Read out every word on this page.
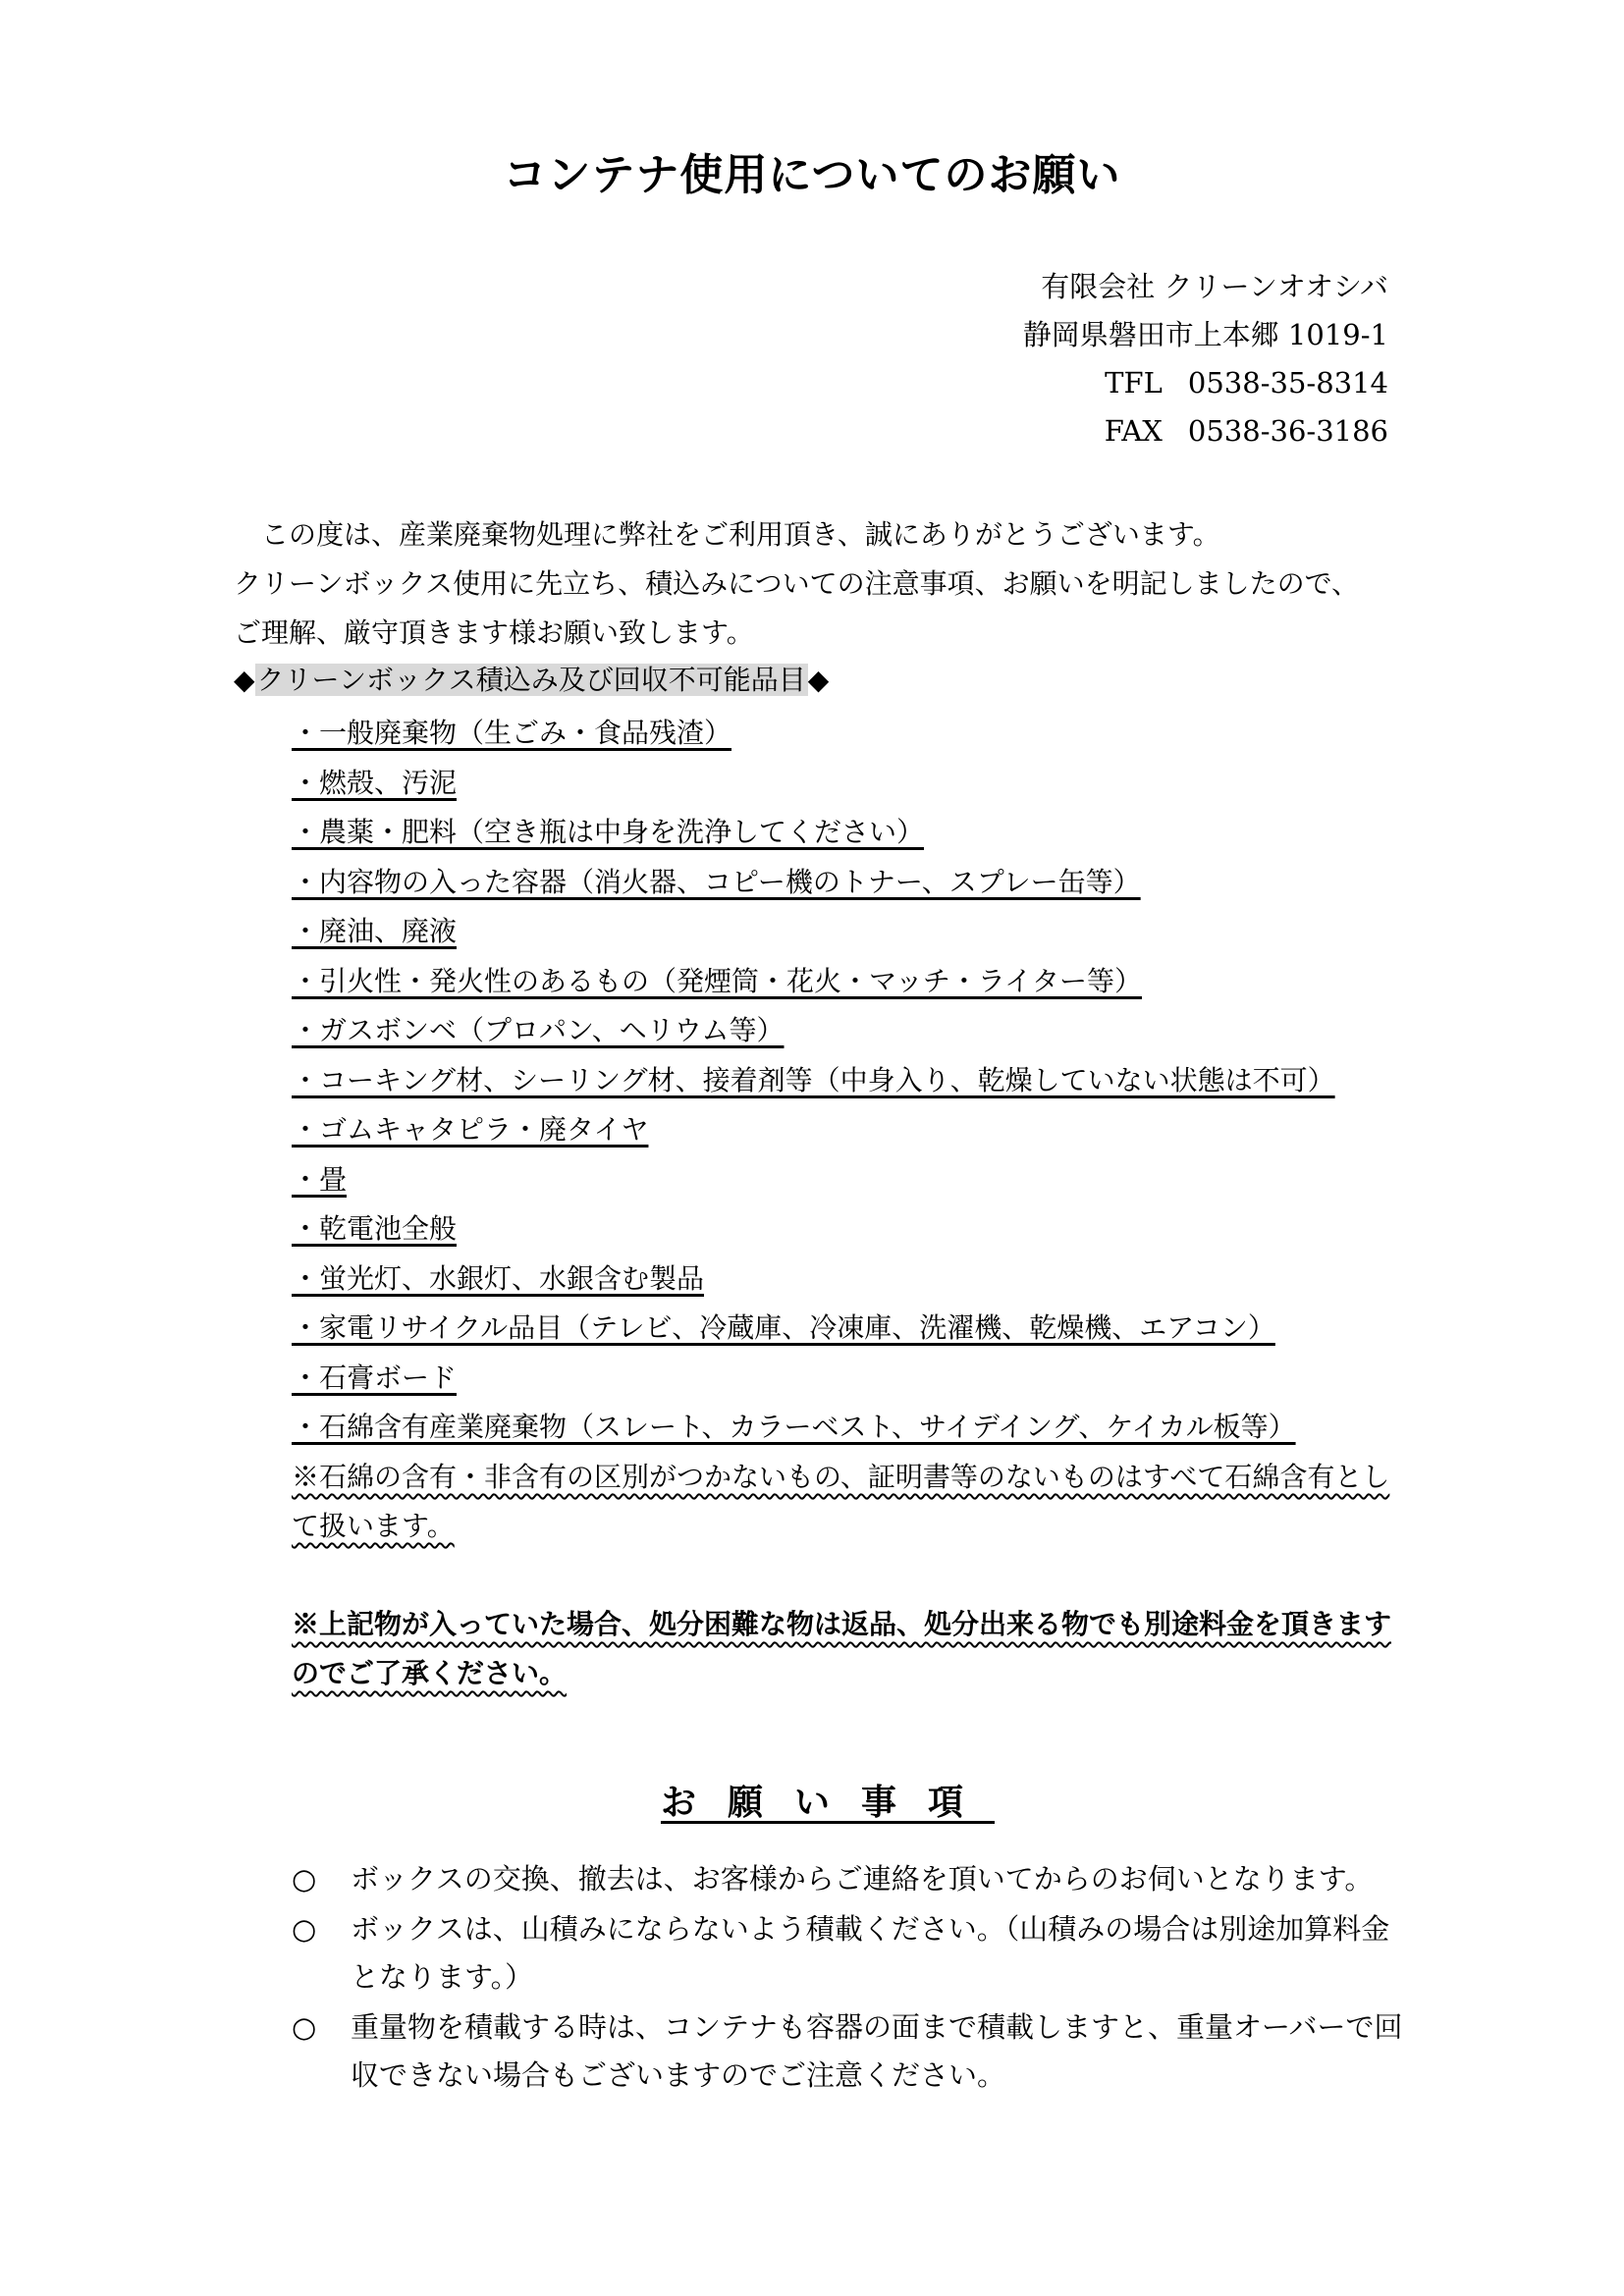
コンテナ使用についてのお願い
有限会社 クリーンオオシバ
静岡県磐田市上本郷 1019-1
TFL 0538-35-8314
FAX 0538-36-3186

　この度は、産業廃棄物処理に弊社をご利用頂き、誠にありがとうございます。

クリーンボックス使用に先立ち、積込みについての注意事項、お願いを明記しましたので、

ご理解、厳守頂きます様お願い致します。

◆クリーンボックス積込み及び回収不可能品目◆
・一般廃棄物（生ごみ・食品残渣）
・燃殻、汚泥
・農薬・肥料（空き瓶は中身を洗浄してください）
・内容物の入った容器（消火器、コピー機のトナー、スプレー缶等）
・廃油、廃液
・引火性・発火性のあるもの（発煙筒・花火・マッチ・ライター等）
・ガスボンベ（プロパン、ヘリウム等）
・コーキング材、シーリング材、接着剤等（中身入り、乾燥していない状態は不可）
・ゴムキャタピラ・廃タイヤ
・畳
・乾電池全般
・蛍光灯、水銀灯、水銀含む製品
・家電リサイクル品目（テレビ、冷蔵庫、冷凍庫、洗濯機、乾燥機、エアコン）
・石膏ボード
・石綿含有産業廃棄物（スレート、カラーベスト、サイデイング、ケイカル板等）
※石綿の含有・非含有の区別がつかないもの、証明書等のないものはすべて石綿含有として扱います。
※上記物が入っていた場合、処分困難な物は返品、処分出来る物でも別途料金を頂きますのでご了承ください。
お願い事項
○ ボックスの交換、撤去は、お客様からご連絡を頂いてからのお伺いとなります。
○ ボックスは、山積みにならないよう積載ください。（山積みの場合は別途加算料金となります。）
○ 重量物を積載する時は、コンテナも容器の面まで積載しますと、重量オーバーで回収できない場合もございますのでご注意ください。
